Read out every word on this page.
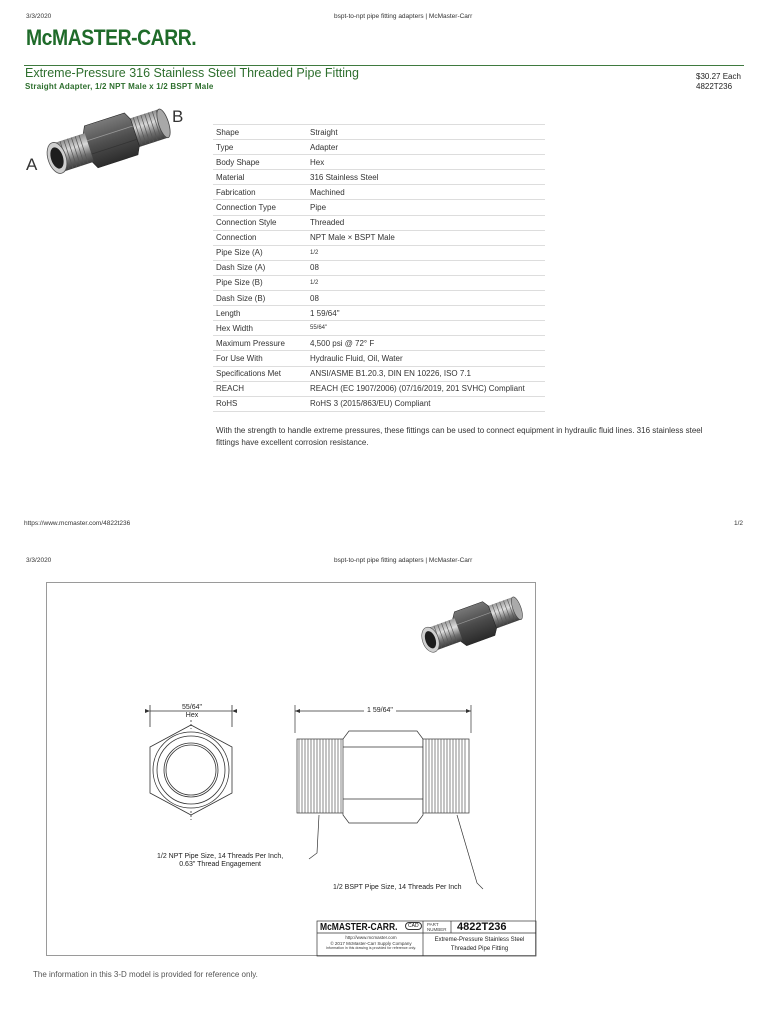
3/3/2020	bspt-to-npt pipe fitting adapters | McMaster-Carr
McMASTER-CARR.
Extreme-Pressure 316 Stainless Steel Threaded Pipe Fitting
Straight Adapter, 1/2 NPT Male x 1/2 BSPT Male
$30.27 Each
4822T236
A
B
Shape	Straight
Type	Adapter
Body Shape	Hex
Material	316 Stainless Steel
Fabrication	Machined
Connection Type	Pipe
Connection Style	Threaded
Connection	NPT Male × BSPT Male
Pipe Size (A)	1/2
Dash Size (A)	08
Pipe Size (B)	1/2
Dash Size (B)	08
Length	1 59/64"
Hex Width	55/64"
Maximum Pressure	4,500 psi @ 72° F
For Use With	Hydraulic Fluid, Oil, Water
Specifications Met	ANSI/ASME B1.20.3, DIN EN 10226, ISO 7.1
REACH	REACH (EC 1907/2006) (07/16/2019, 201 SVHC) Compliant
RoHS	RoHS 3 (2015/863/EU) Compliant
With the strength to handle extreme pressures, these fittings can be used to connect equipment in hydraulic fluid lines. 316 stainless steel fittings have excellent corrosion resistance.
https://www.mcmaster.com/4822t236	1/2
3/3/2020	bspt-to-npt pipe fitting adapters | McMaster-Carr
55/64"
Hex
1 59/64"
1/2 NPT Pipe Size, 14 Threads Per Inch,
0.63" Thread Engagement
1/2 BSPT Pipe Size, 14 Threads Per Inch
McMASTER-CARR.	CAD	PART
NUMBER 4822T236
http://www.mcmaster.com
© 2017 McMaster-Carr Supply Company
Information in this drawing is provided for reference only.
Extreme-Pressure Stainless Steel
Threaded Pipe Fitting
The information in this 3-D model is provided for reference only.
